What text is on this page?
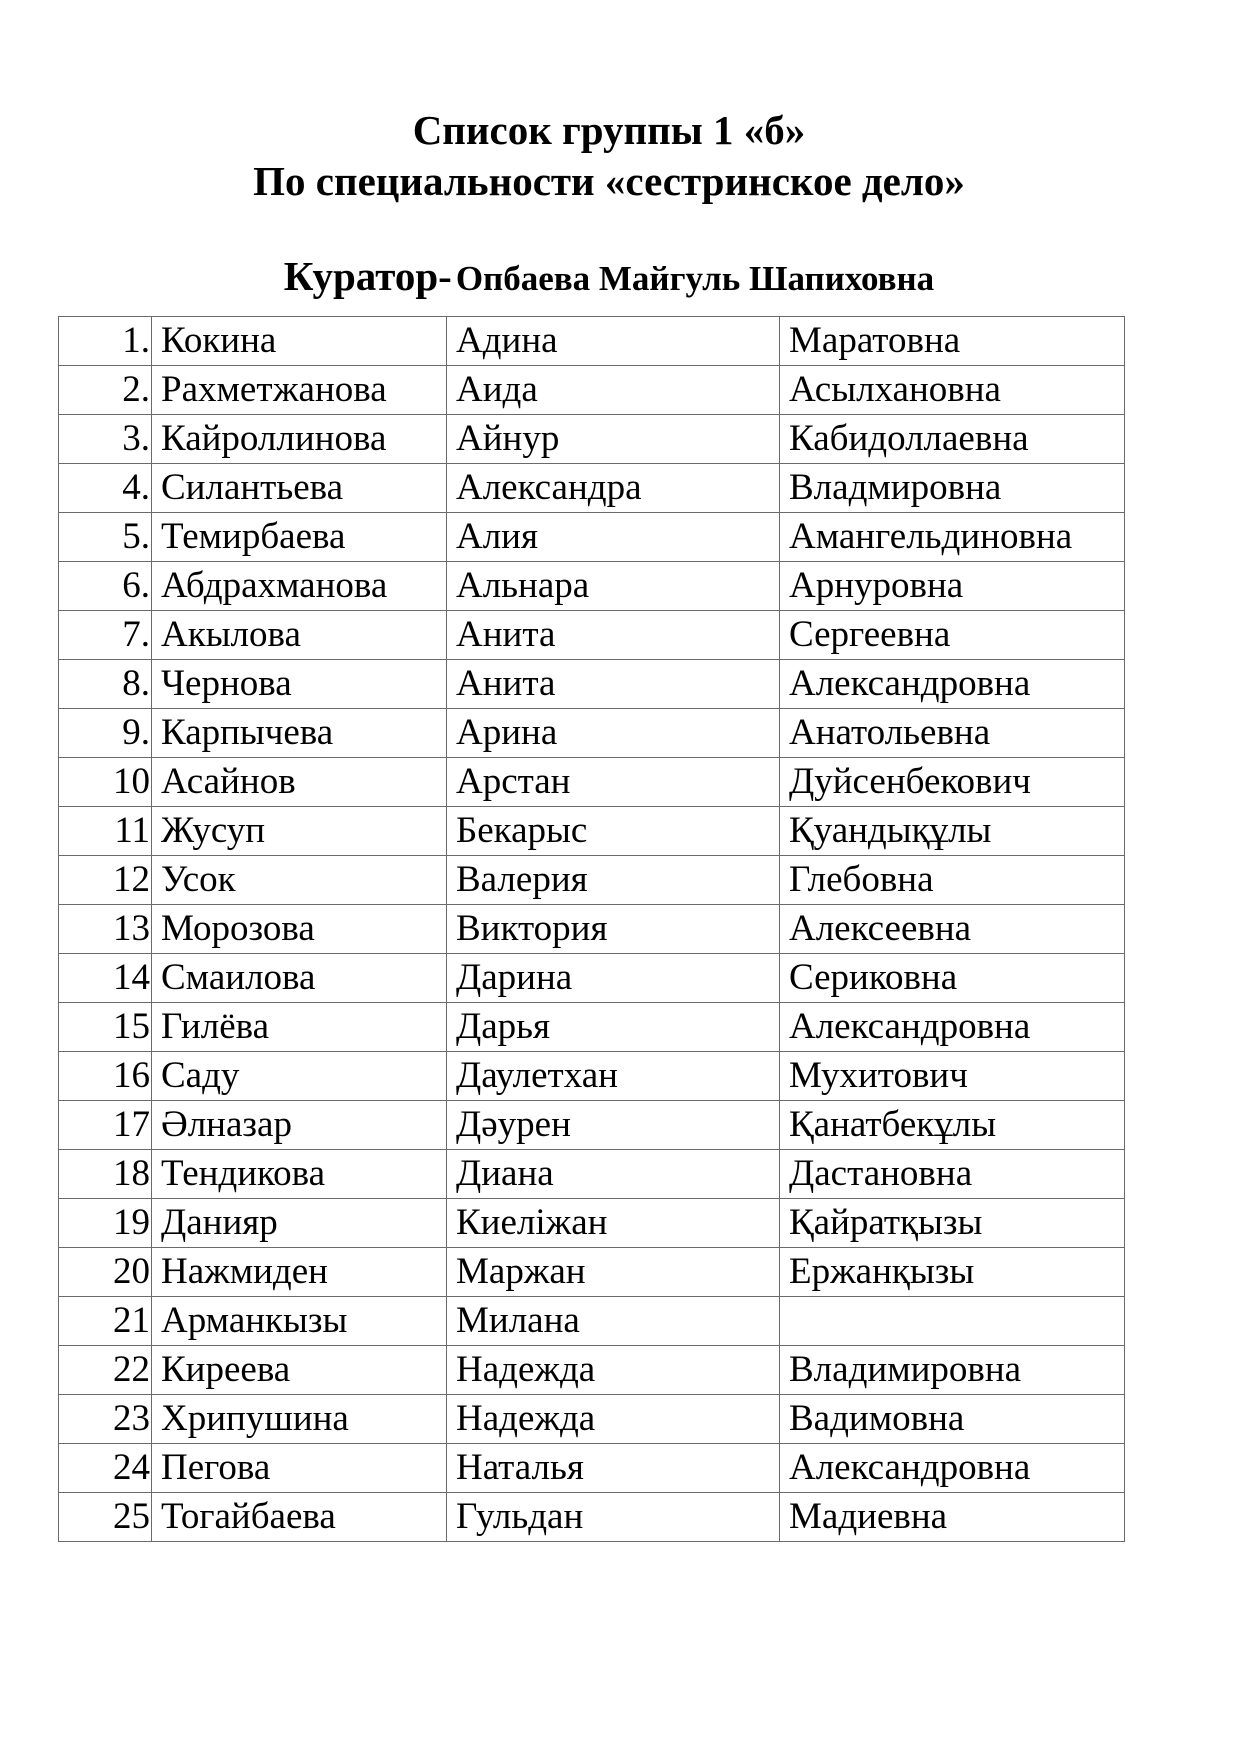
Список группы 1 «б»
По специальности «сестринское дело»
Куратор- Опбаева Майгуль Шапиховна
1.	Кокина	Адина	Маратовна
2.	Рахметжанова	Аида	Асылхановна
3.	Кайроллинова	Айнур	Кабидоллаевна
4.	Силантьева	Александра	Владмировна
5.	Темирбаева	Алия	Амангельдиновна
6.	Абдрахманова	Альнара	Арнуровна
7.	Акылова	Анита	Сергеевна
8.	Чернова	Анита	Александровна
9.	Карпычева	Арина	Анатольевна
10	Асайнов	Арстан	Дуйсенбекович
11	Жусуп	Бекарыс	Қуандықұлы
12	Усок	Валерия	Глебовна
13	Морозова	Виктория	Алексеевна
14	Смаилова	Дарина	Сериковна
15	Гилёва	Дарья	Александровна
16	Саду	Даулетхан	Мухитович
17	Әлназар	Дәурен	Қанатбекұлы
18	Тендикова	Диана	Дастановна
19	Данияр	Киеліжан	Қайратқызы
20	Нажмиден	Маржан	Ержанқызы
21	Арманкызы	Милана	
22	Киреева	Надежда	Владимировна
23	Хрипушина	Надежда	Вадимовна
24	Пегова	Наталья	Александровна
25	Тогайбаева	Гульдан	Мадиевна
